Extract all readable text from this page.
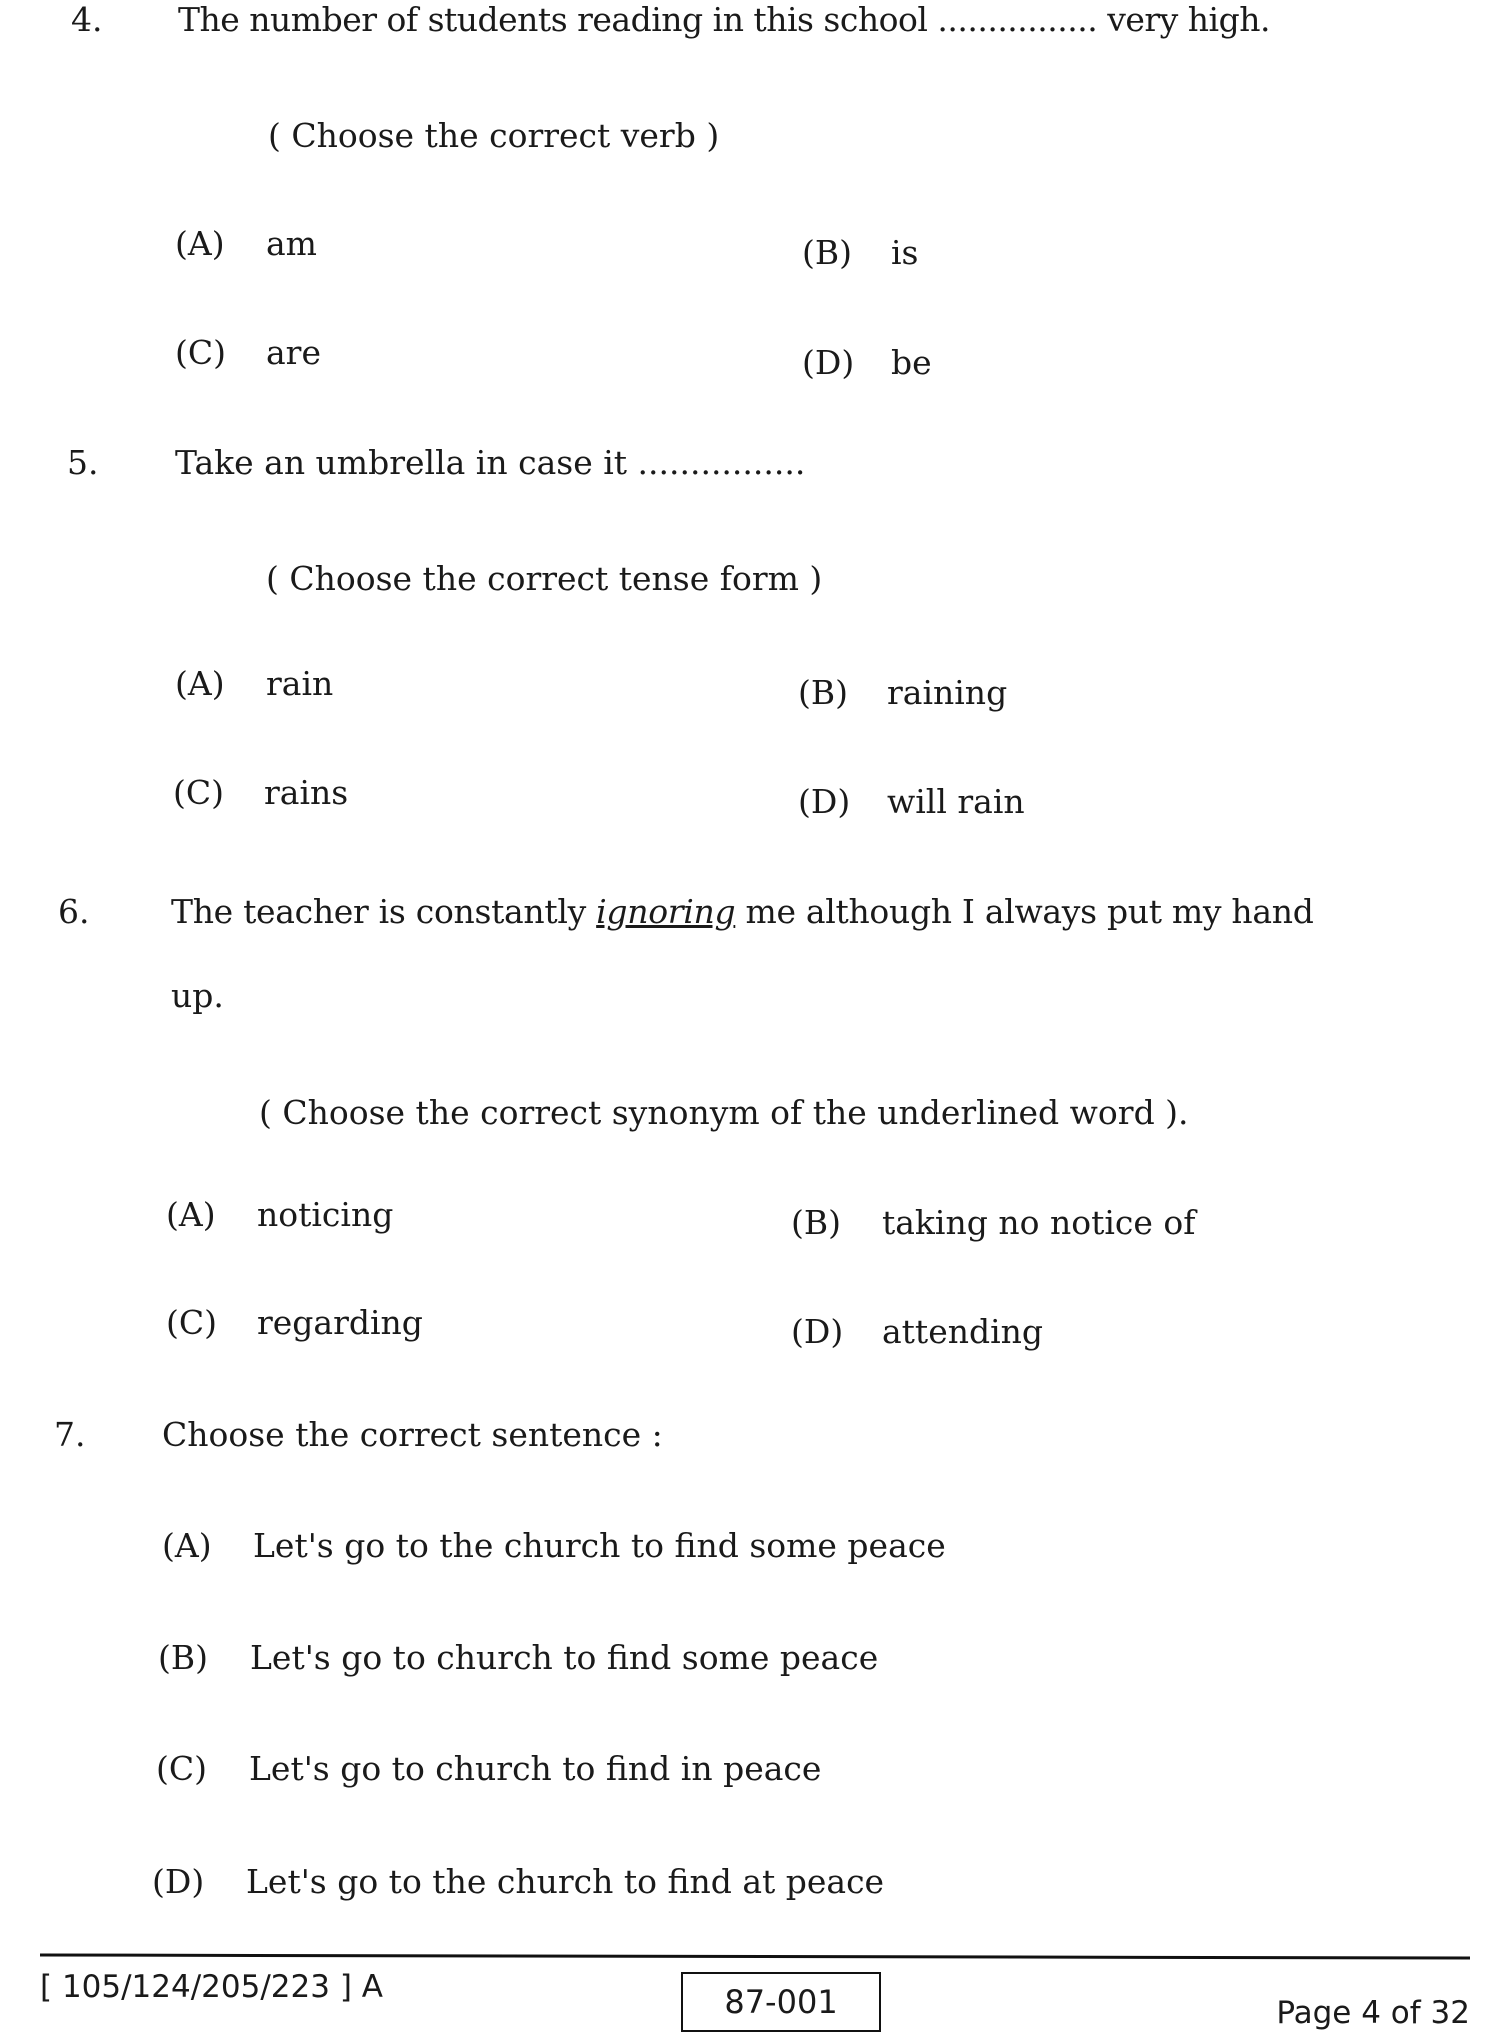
4. The number of students reading in this school ................ very high.
( Choose the correct verb )
(A) am	(B) is
(C) are	(D) be
5. Take an umbrella in case it ................
( Choose the correct tense form )
(A) rain	(B) raining
(C) rains	(D) will rain
6. The teacher is constantly ignoring me although I always put my hand
up.
( Choose the correct synonym of the underlined word ).
(A) noticing	(B) taking no notice of
(C) regarding	(D) attending
7. Choose the correct sentence :
(A) Let's go to the church to find some peace
(B) Let's go to church to find some peace
(C) Let's go to church to find in peace
(D) Let's go to the church to find at peace
[ 105/124/205/223 ] A	87-001	Page 4 of 32
